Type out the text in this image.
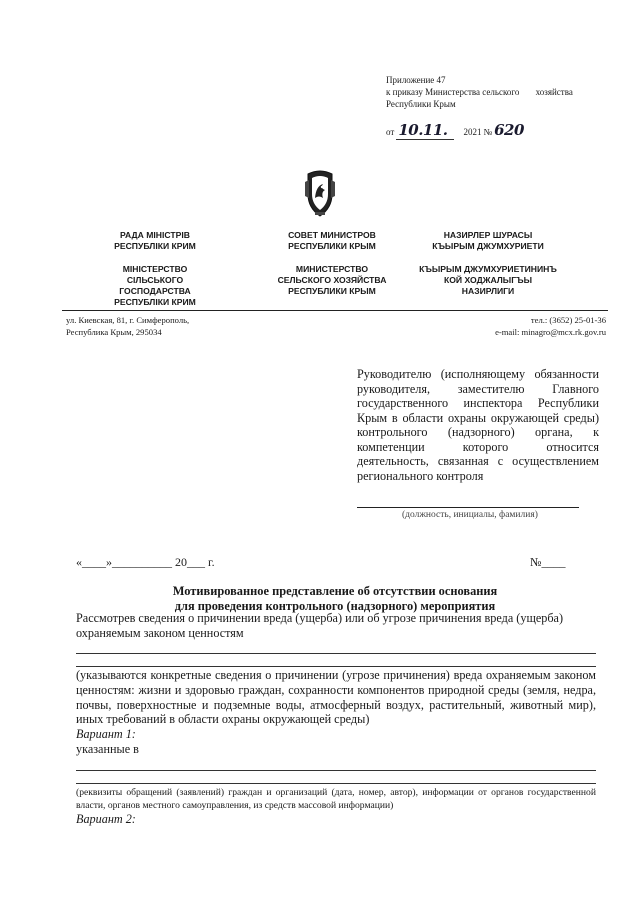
Приложение 47
к приказу Министерства сельского хозяйства
Республики Крым
от 10.11.	2021 № 620
РАДА МІНІСТРІВ
РЕСПУБЛІКИ КРИМ
МІНІСТЕРСТВО
СІЛЬСЬКОГО
ГОСПОДАРСТВА
РЕСПУБЛІКИ КРИМ
СОВЕТ МИНИСТРОВ
РЕСПУБЛИКИ КРЫМ
МИНИСТЕРСТВО
СЕЛЬСКОГО ХОЗЯЙСТВА
РЕСПУБЛИКИ КРЫМ
НАЗИРЛЕР ШУРАСЫ
КЪЫРЫМ ДЖУМХУРИЕТИ
КЪЫРЫМ ДЖУМХУРИЕТИНИНЪ
КОЙ ХОДЖАЛЫГЪЫ НАЗИРЛИГИ
ул. Киевская, 81, г. Симферополь,
Республика Крым, 295034
тел.: (3652) 25-01-36
e-mail: minagro@mcx.rk.gov.ru
Руководителю (исполняющему обязанности руководителя, заместителю Главного государственного инспектора Республики Крым в области охраны окружающей среды) контрольного (надзорного) органа, к компетенции которого относится деятельность, связанная с осуществлением регионального контроля
(должность, инициалы, фамилия)
«____»__________ 20___ г.	№____
Мотивированное представление об отсутствии основания
для проведения контрольного (надзорного) мероприятия
Рассмотрев сведения о причинении вреда (ущерба) или об угрозе причинения вреда (ущерба) охраняемым законом ценностям
(указываются конкретные сведения о причинении (угрозе причинения) вреда охраняемым законом ценностям: жизни и здоровью граждан, сохранности компонентов природной среды (земля, недра, почвы, поверхностные и подземные воды, атмосферный воздух, растительный, животный мир), иных требований в области охраны окружающей среды)
Вариант 1:
указанные в
(реквизиты обращений (заявлений) граждан и организаций (дата, номер, автор), информации от органов государственной власти, органов местного самоуправления, из средств массовой информации)
Вариант 2:
